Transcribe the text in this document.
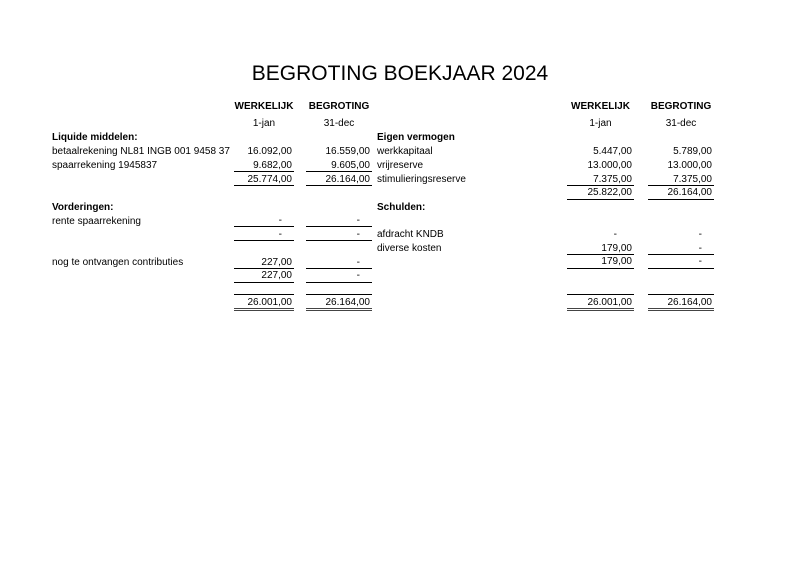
BEGROTING BOEKJAAR 2024
WERKELIJK BEGROTING
1-jan	31-dec
WERKELIJK	BEGROTING
1-jan	31-dec
Liquide middelen:
betaalrekening NL81 INGB 001 9458 37	16.092,00	16.559,00
spaarrekening 1945837	9.682,00	9.605,00
25.774,00	26.164,00
Vorderingen:
rente spaarrekening	-	-
-	-
nog te ontvangen contributies	227,00	-
227,00	-
26.001,00	26.164,00
Eigen vermogen
werkkapitaal	5.447,00	5.789,00
vrijreserve	13.000,00	13.000,00
stimulieringsreserve	7.375,00	7.375,00
25.822,00	26.164,00
Schulden:
afdracht KNDB	-	-
diverse kosten	179,00	-
179,00	-
26.001,00	26.164,00
